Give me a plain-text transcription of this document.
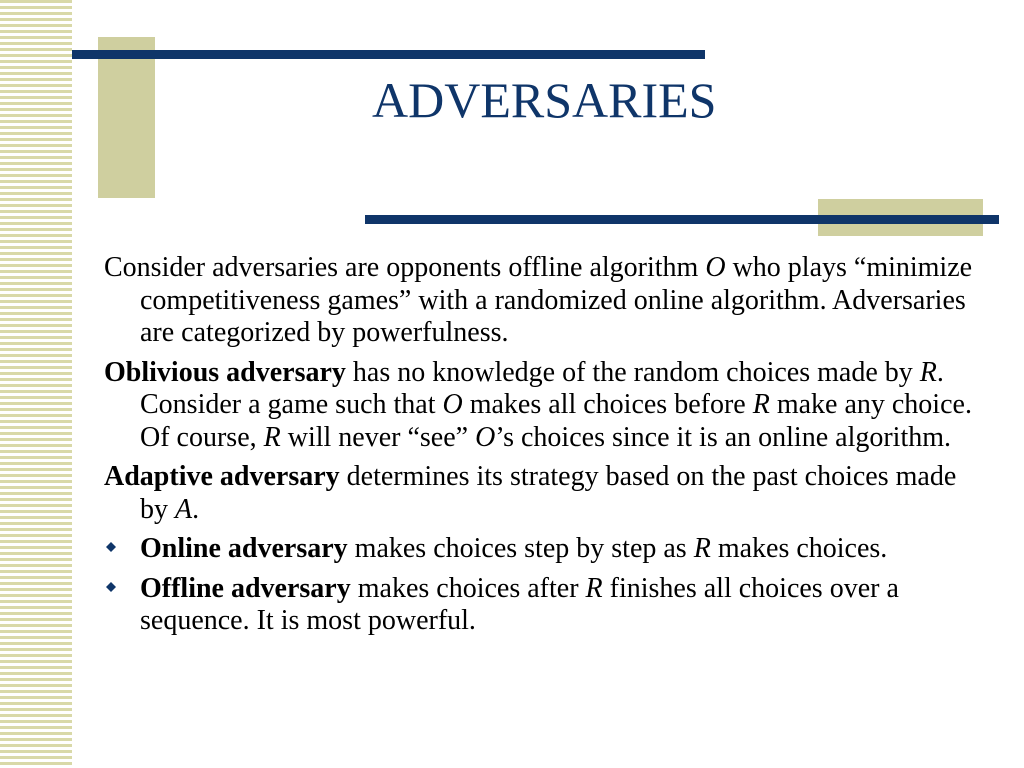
ADVERSARIES

Consider adversaries are opponents offline algorithm O who plays “minimize competitiveness games” with a randomized online algorithm. Adversaries are categorized by powerfulness.

Oblivious adversary has no knowledge of the random choices made by R. Consider a game such that O makes all choices before R make any choice. Of course, R will never “see” O’s choices since it is an online algorithm.

Adaptive adversary determines its strategy based on the past choices made by A.

Online adversary makes choices step by step as R makes choices.

Offline adversary makes choices after R finishes all choices over a sequence. It is most powerful.
